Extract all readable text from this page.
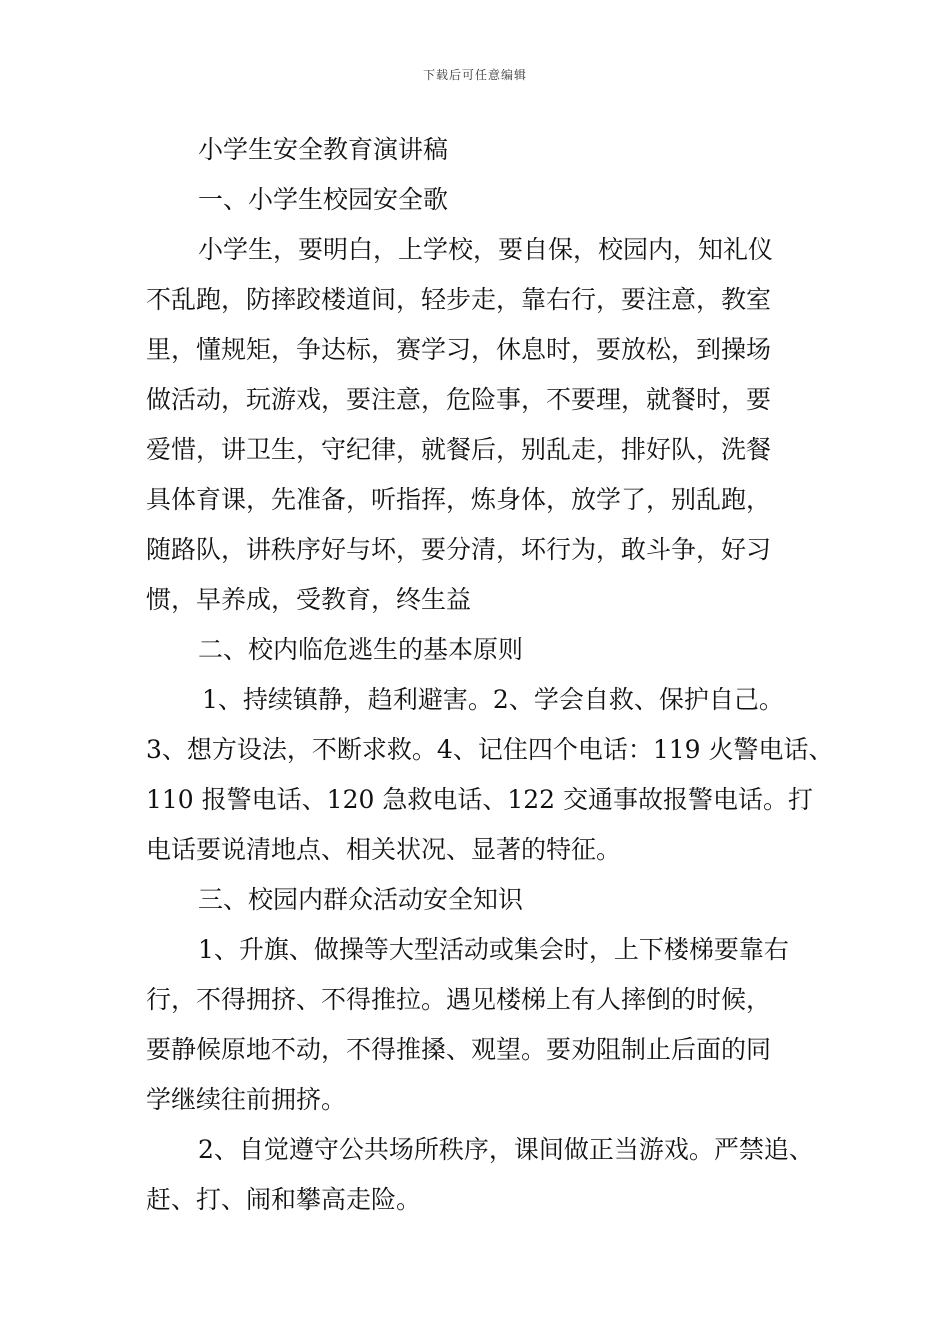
下载后可任意编辑
小学生安全教育演讲稿
一、小学生校园安全歌
小学生，要明白，上学校，要自保，校园内，知礼仪
不乱跑，防摔跤楼道间，轻步走，靠右行，要注意，教室
里，懂规矩，争达标，赛学习，休息时，要放松，到操场
做活动，玩游戏，要注意，危险事，不要理，就餐时，要
爱惜，讲卫生，守纪律，就餐后，别乱走，排好队，洗餐
具体育课，先准备，听指挥，炼身体，放学了，别乱跑，
随路队，讲秩序好与坏，要分清，坏行为，敢斗争，好习
惯，早养成，受教育，终生益
二、校内临危逃生的基本原则
1、持续镇静，趋利避害。2、学会自救、保护自己。
3、想方设法，不断求救。4、记住四个电话：119 火警电话、
110 报警电话、120 急救电话、122 交通事故报警电话。打
电话要说清地点、相关状况、显著的特征。
三、校园内群众活动安全知识
1、升旗、做操等大型活动或集会时，上下楼梯要靠右
行，不得拥挤、不得推拉。遇见楼梯上有人摔倒的时候，
要静候原地不动，不得推搡、观望。要劝阻制止后面的同
学继续往前拥挤。
2、自觉遵守公共场所秩序，课间做正当游戏。严禁追、
赶、打、闹和攀高走险。
